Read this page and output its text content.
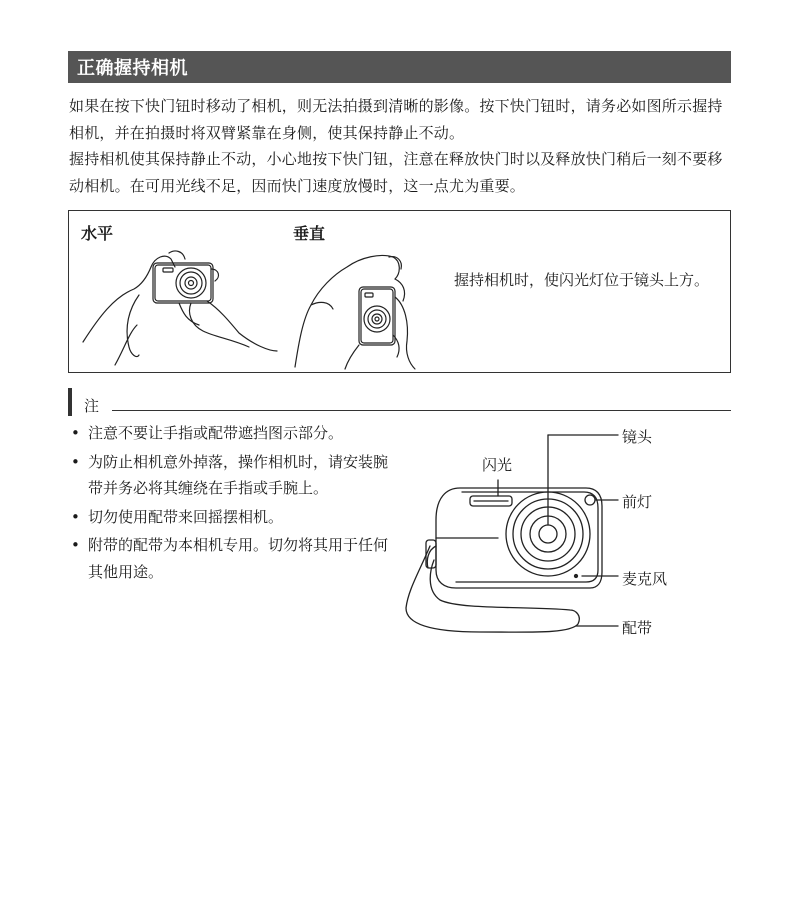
正确握持相机

如果在按下快门钮时移动了相机，则无法拍摄到清晰的影像。按下快门钮时，请务必如图所示握持相机，并在拍摄时将双臂紧靠在身侧，使其保持静止不动。

握持相机使其保持静止不动，小心地按下快门钮，注意在释放快门时以及释放快门稍后一刻不要移动相机。在可用光线不足，因而快门速度放慢时，这一点尤为重要。

水平	垂直
握持相机时，使闪光灯位于镜头上方。
注
• 注意不要让手指或配带遮挡图示部分。
• 为防止相机意外掉落，操作相机时，请安装腕带并务必将其缠绕在手指或手腕上。
• 切勿使用配带来回摇摆相机。
• 附带的配带为本相机专用。切勿将其用于任何其他用途。
镜头
闪光
前灯
麦克风
配带
